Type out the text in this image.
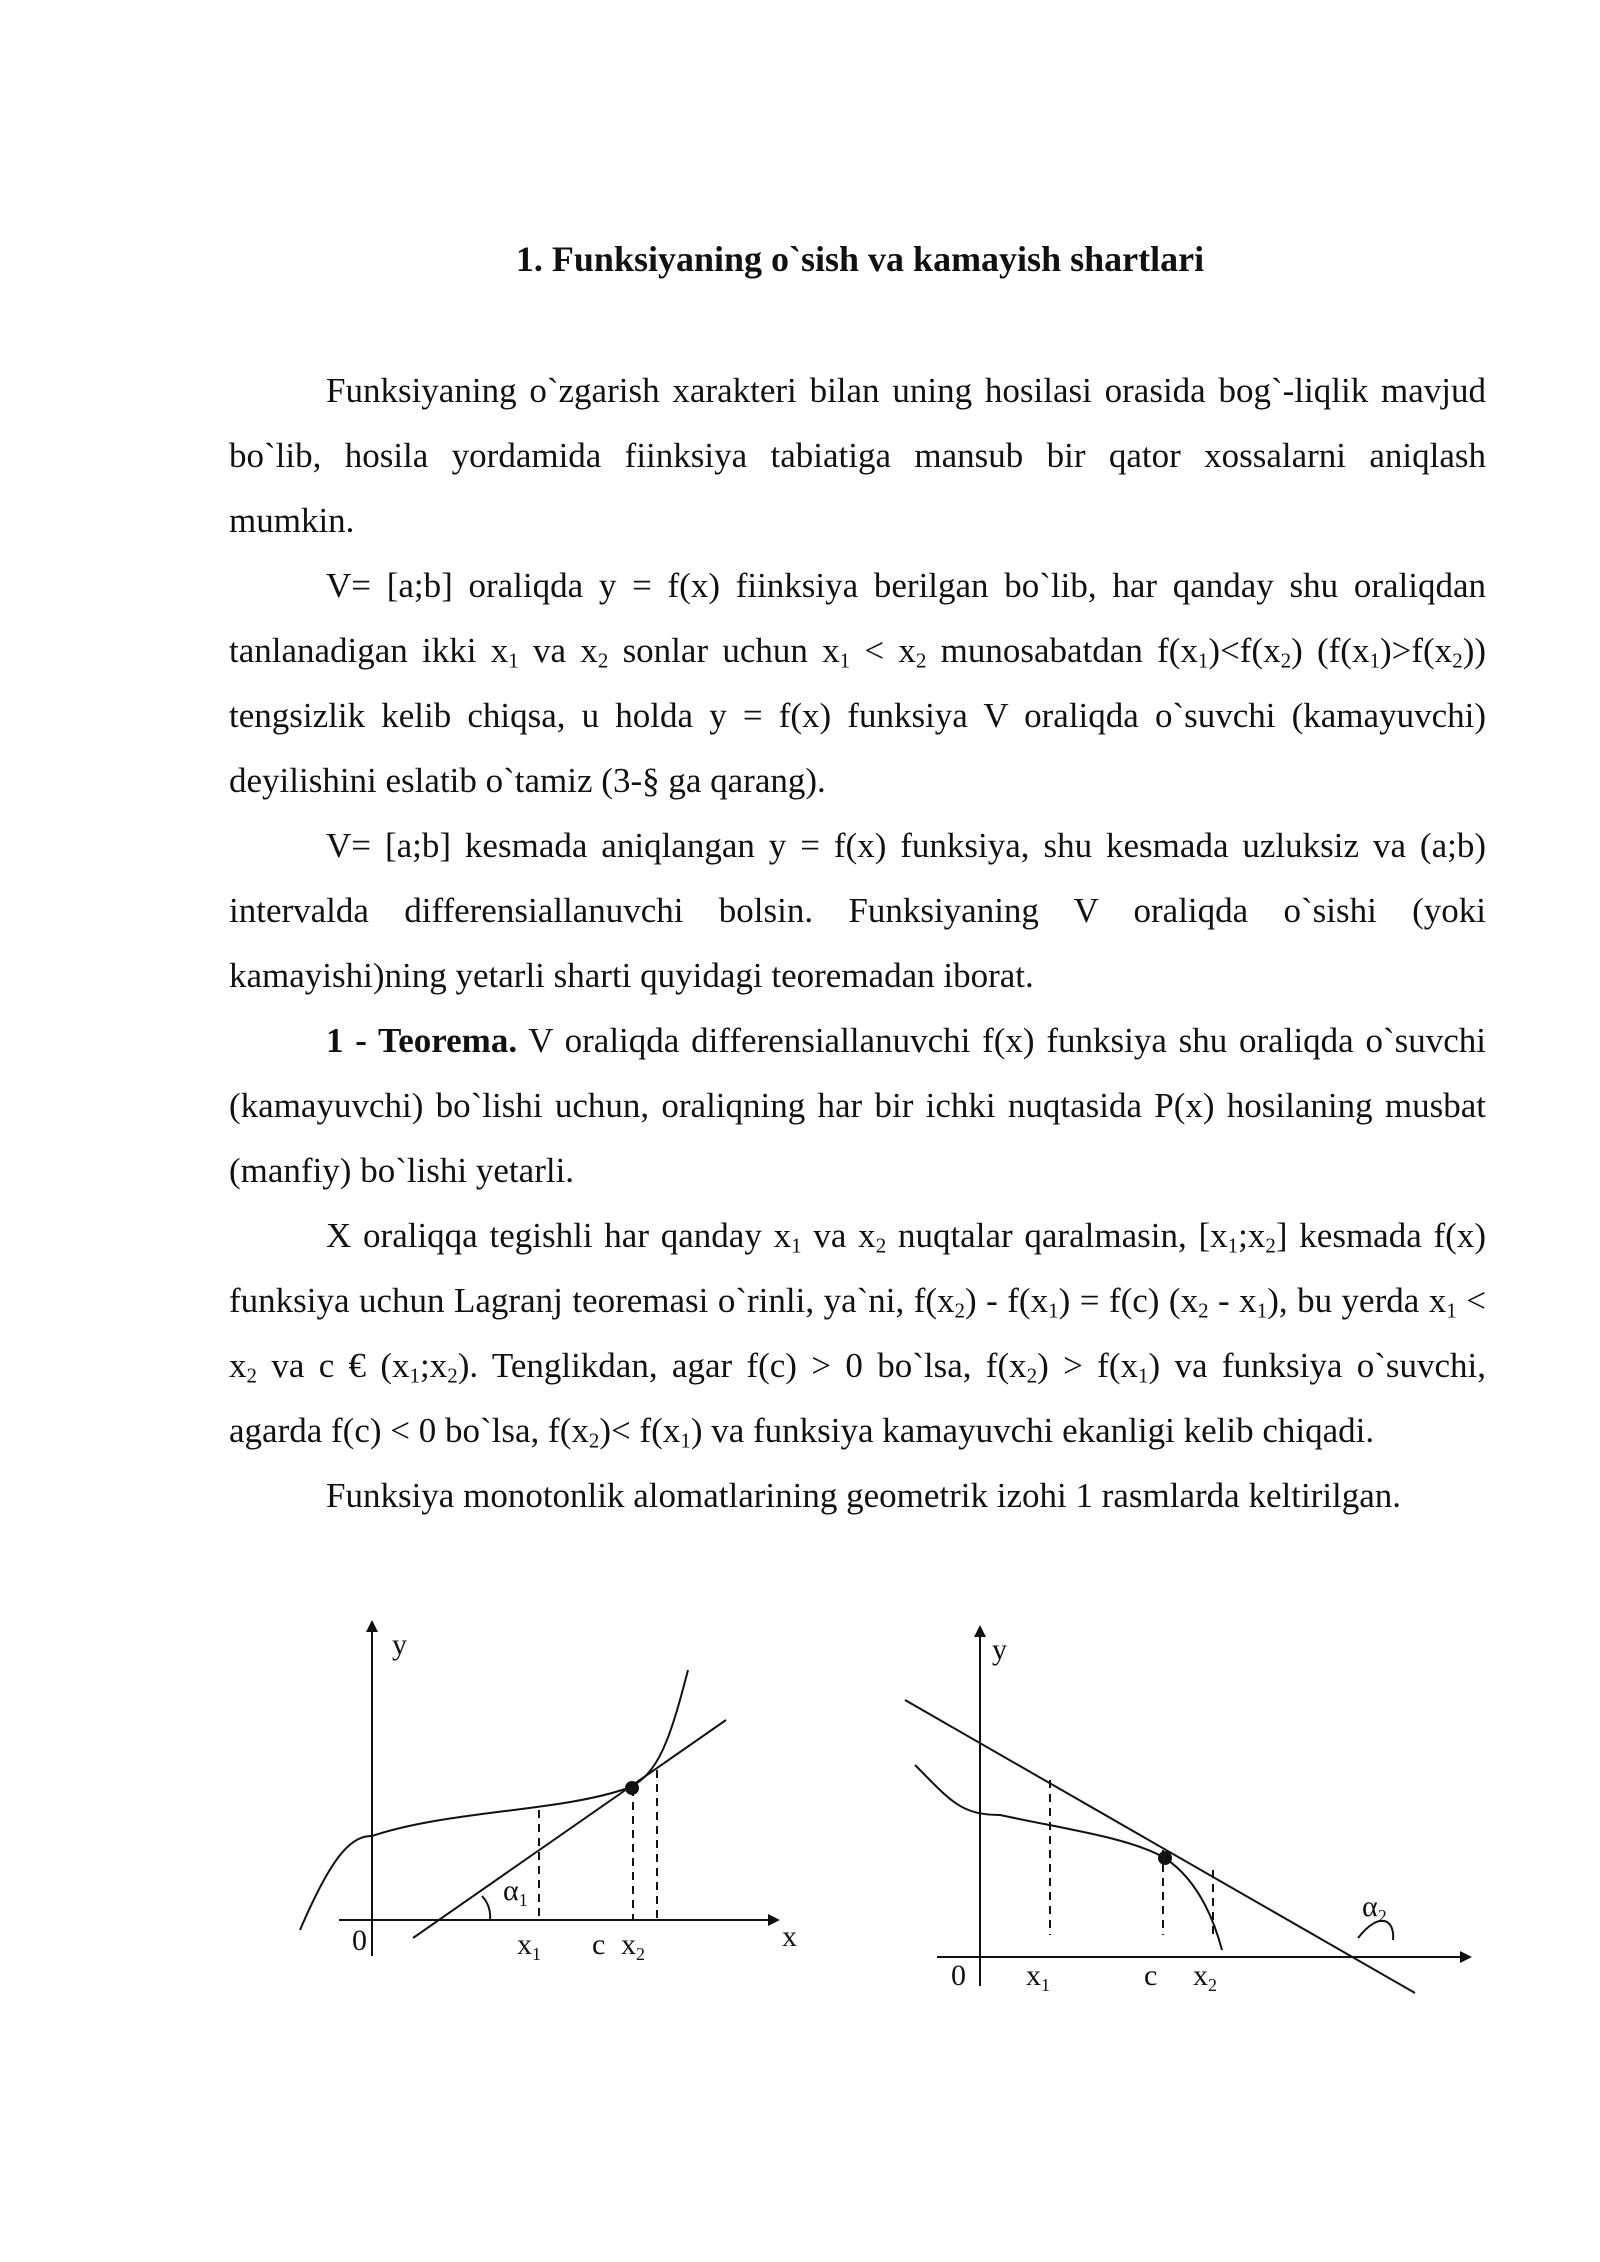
1. Funksiyaning o`sish va kamayish shartlari

Funksiyaning o`zgarish xarakteri bilan uning hosilasi orasida bog`-liqlik mavjud bo`lib, hosila yordamida fiinksiya tabiatiga mansub bir qator xossalarni aniqlash mumkin.

V= [a;b] oraliqda y = f(x) fiinksiya berilgan bo`lib, har qanday shu oraliqdan tanlanadigan ikki $x_1$ va $x_2$ sonlar uchun $x_1 < x_2$ munosabatdan $f(x_1)<f(x_2)$ $(f(x_1)>f(x_2))$ tengsizlik kelib chiqsa, u holda y = f(x) funksiya V oraliqda o`suvchi (kamayuvchi) deyilishini eslatib o`tamiz (3-§ ga qarang).

V= [a;b] kesmada aniqlangan y = f(x) funksiya, shu kesmada uzluksiz va (a;b) intervalda differensiallanuvchi bolsin. Funksiyaning V oraliqda o`sishi (yoki kamayishi)ning yetarli sharti quyidagi teoremadan iborat.

1 - Teorema. V oraliqda differensiallanuvchi f(x) funksiya shu oraliqda o`suvchi (kamayuvchi) bo`lishi uchun, oraliqning har bir ichki nuqtasida P(x) hosilaning musbat (manfiy) bo`lishi yetarli.

X oraliqqa tegishli har qanday $x_1$ va $x_2$ nuqtalar qaralmasin, $[x_1;x_2]$ kesmada f(x) funksiya uchun Lagranj teoremasi o`rinli, ya`ni, $f(x_2) - f(x_1) = f(c)$ $(x_2 - x_1)$, bu yerda $x_1 < x_2$ va c € $(x_1;x_2)$. Tenglikdan, agar f(c) > 0 bo`lsa, $f(x_2) > f(x_1)$ va funksiya o`suvchi, agarda f(c) < 0 bo`lsa, $f(x_2)< f(x_1)$ va funksiya kamayuvchi ekanligi kelib chiqadi.

Funksiya monotonlik alomatlarining geometrik izohi 1 rasmlarda keltirilgan.

y
x
0	$x_1$ c $x_2$
$\alpha_1$
y
0 $x_1$	c $x_2$
$\alpha_2$
